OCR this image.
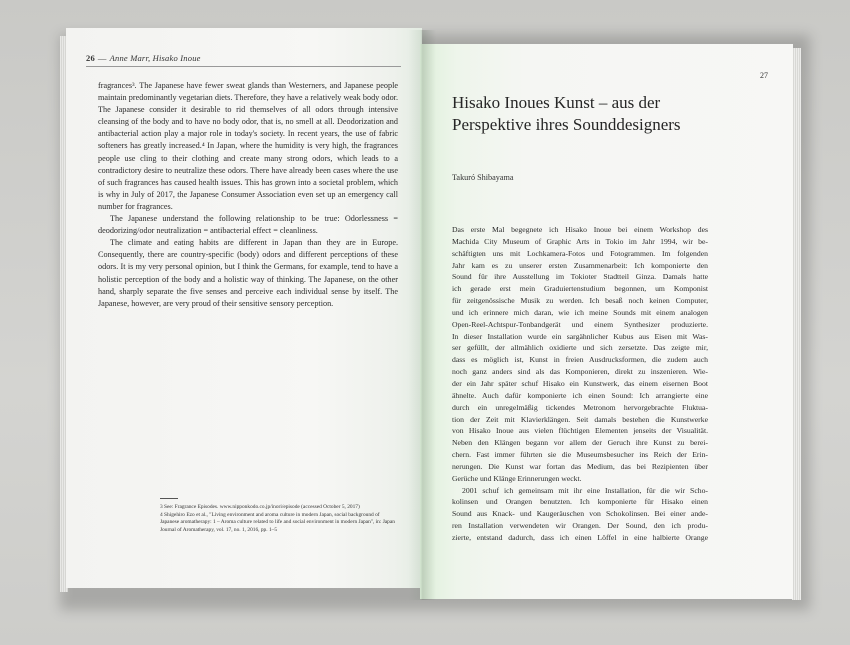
26 — Anne Marr, Hisako Inoue

fragrances³. The Japanese have fewer sweat glands than Westerners, and Japanese people maintain predominantly vegetarian diets. Therefore, they have a relatively weak body odor. The Japanese consider it desirable to rid themselves of all odors through intensive cleansing of the body and to have no body odor, that is, no smell at all. Deodorization and antibacterial action play a major role in today's society. In recent years, the use of fabric softeners has greatly increased.⁴ In Japan, where the humidity is very high, the fragrances people use cling to their clothing and create many strong odors, which leads to a contradictory desire to neutralize these odors. There have already been cases where the use of such fragrances has caused health issues. This has grown into a societal problem, which is why in July of 2017, the Japanese Consumer Association even set up an emergency call number for fragrances.

The Japanese understand the following relationship to be true: Odorlessness = deodorizing/odor neutralization = antibacterial effect = cleanliness.

The climate and eating habits are different in Japan than they are in Europe. Consequently, there are country-specific (body) odors and different perceptions of these odors. It is my very personal opinion, but I think the Germans, for example, tend to have a holistic perception of the body and a holistic way of thinking. The Japanese, on the other hand, sharply separate the five senses and perceive each individual sense by itself. The Japanese, however, are very proud of their sensitive sensory perception.

3 See: Fragrance Episodes. www.nipponkodo.co.jp/inori/episode (accessed October 5, 2017)

4 Shigehiro Ezo et al., "Living environment and aroma culture in modern Japan, social background of Japanese aromatherapy: 1 – Aroma culture related to life and social environment in modern Japan", in: Japan Journal of Aromatherapy, vol. 17, no. 1, 2016, pp. 1–5

27
Hisako Inoues Kunst – aus der
Perspektive ihres Sounddesigners
Takuró Shibayama
Das erste Mal begegnete ich Hisako Inoue bei einem Workshop des
Machida City Museum of Graphic Arts in Tokio im Jahr 1994, wir be-
schäftigten uns mit Lochkamera-Fotos und Fotogrammen. Im folgenden
Jahr kam es zu unserer ersten Zusammenarbeit: Ich komponierte den
Sound für ihre Ausstellung im Tokioter Stadtteil Ginza. Damals hatte
ich gerade erst mein Graduiertenstudium begonnen, um Komponist
für zeitgenössische Musik zu werden. Ich besaß noch keinen Computer,
und ich erinnere mich daran, wie ich meine Sounds mit einem analogen
Open-Reel-Achtspur-Tonbandgerät und einem Synthesizer produzierte.
In dieser Installation wurde ein sargähnlicher Kubus aus Eisen mit Was-
ser gefüllt, der allmählich oxidierte und sich zersetzte. Das zeigte mir,
dass es möglich ist, Kunst in freien Ausdrucksformen, die zudem auch
noch ganz anders sind als das Komponieren, direkt zu inszenieren. Wie-
der ein Jahr später schuf Hisako ein Kunstwerk, das einem eisernen Boot
ähnelte. Auch dafür komponierte ich einen Sound: Ich arrangierte eine
durch ein unregelmäßig tickendes Metronom hervorgebrachte Fluktua-
tion der Zeit mit Klavierklängen. Seit damals bestehen die Kunstwerke
von Hisako Inoue aus vielen flüchtigen Elementen jenseits der Visualität.
Neben den Klängen begann vor allem der Geruch ihre Kunst zu berei-
chern. Fast immer führten sie die Museumsbesucher ins Reich der Erin-
nerungen. Die Kunst war fortan das Medium, das bei Rezipienten über
Gerüche und Klänge Erinnerungen weckt.
2001 schuf ich gemeinsam mit ihr eine Installation, für die wir Scho-
kolinsen und Orangen benutzten. Ich komponierte für Hisako einen
Sound aus Knack- und Kaugeräuschen von Schokolinsen. Bei einer ande-
ren Installation verwendeten wir Orangen. Der Sound, den ich produ-
zierte, entstand dadurch, dass ich einen Löffel in eine halbierte Orange
